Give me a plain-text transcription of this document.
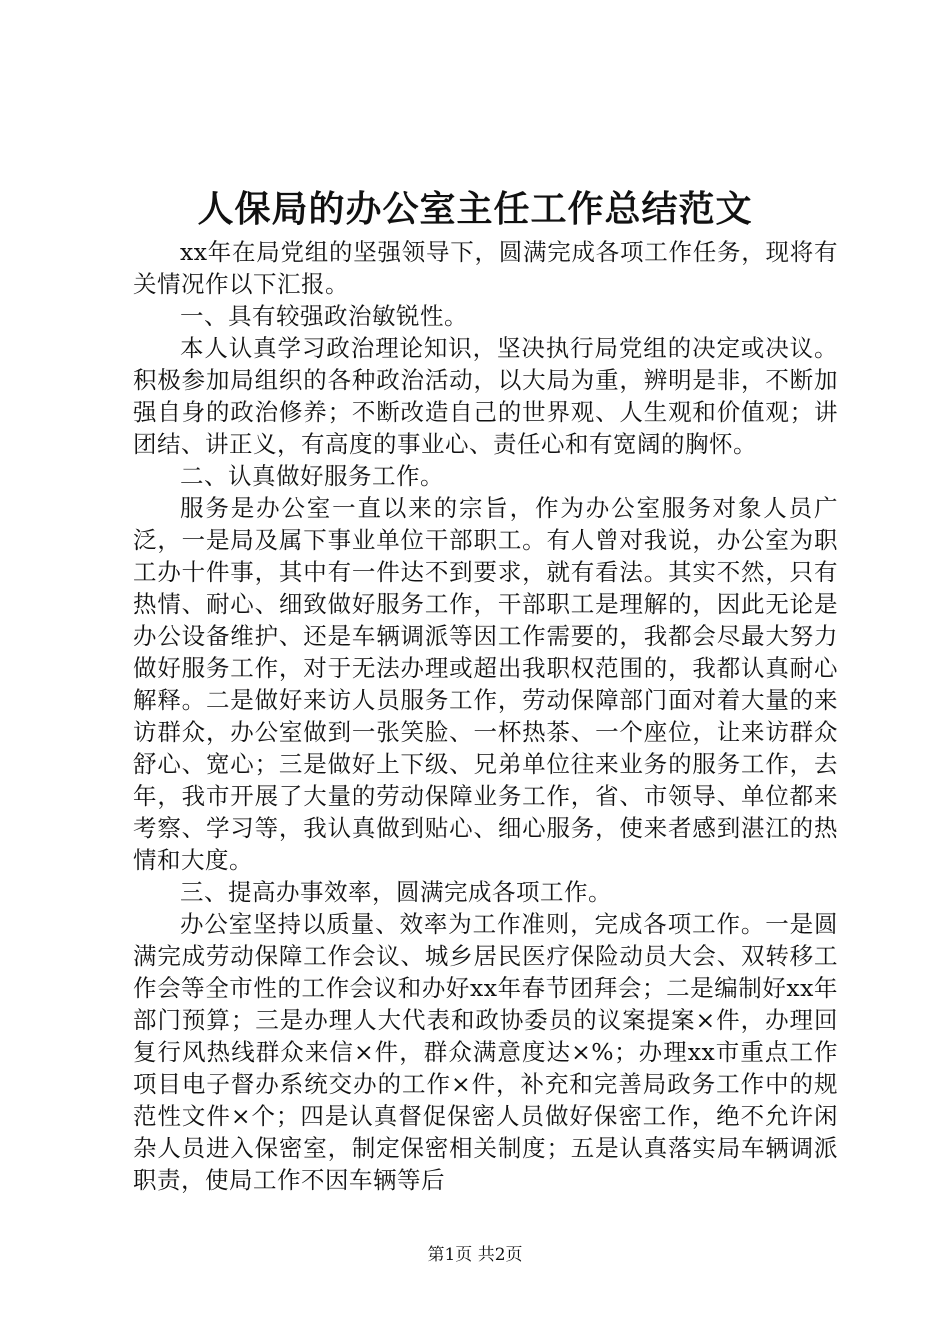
人保局的办公室主任工作总结范文

xx年在局党组的坚强领导下，圆满完成各项工作任务，现将有关情况作以下汇报。

一、具有较强政治敏锐性。

本人认真学习政治理论知识，坚决执行局党组的决定或决议。积极参加局组织的各种政治活动，以大局为重，辨明是非，不断加强自身的政治修养；不断改造自己的世界观、人生观和价值观；讲团结、讲正义，有高度的事业心、责任心和有宽阔的胸怀。

二、认真做好服务工作。

服务是办公室一直以来的宗旨，作为办公室服务对象人员广泛，一是局及属下事业单位干部职工。有人曾对我说，办公室为职工办十件事，其中有一件达不到要求，就有看法。其实不然，只有热情、耐心、细致做好服务工作，干部职工是理解的，因此无论是办公设备维护、还是车辆调派等因工作需要的，我都会尽最大努力做好服务工作，对于无法办理或超出我职权范围的，我都认真耐心解释。二是做好来访人员服务工作，劳动保障部门面对着大量的来访群众，办公室做到一张笑脸、一杯热茶、一个座位，让来访群众舒心、宽心；三是做好上下级、兄弟单位往来业务的服务工作，去年，我市开展了大量的劳动保障业务工作，省、市领导、单位都来考察、学习等，我认真做到贴心、细心服务，使来者感到湛江的热情和大度。

三、提高办事效率，圆满完成各项工作。

办公室坚持以质量、效率为工作准则，完成各项工作。一是圆满完成劳动保障工作会议、城乡居民医疗保险动员大会、双转移工作会等全市性的工作会议和办好xx年春节团拜会；二是编制好xx年部门预算；三是办理人大代表和政协委员的议案提案×件，办理回复行风热线群众来信×件，群众满意度达×%；办理xx市重点工作项目电子督办系统交办的工作×件，补充和完善局政务工作中的规范性文件×个；四是认真督促保密人员做好保密工作，绝不允许闲杂人员进入保密室，制定保密相关制度；五是认真落实局车辆调派职责，使局工作不因车辆等后

第1页 共2页
